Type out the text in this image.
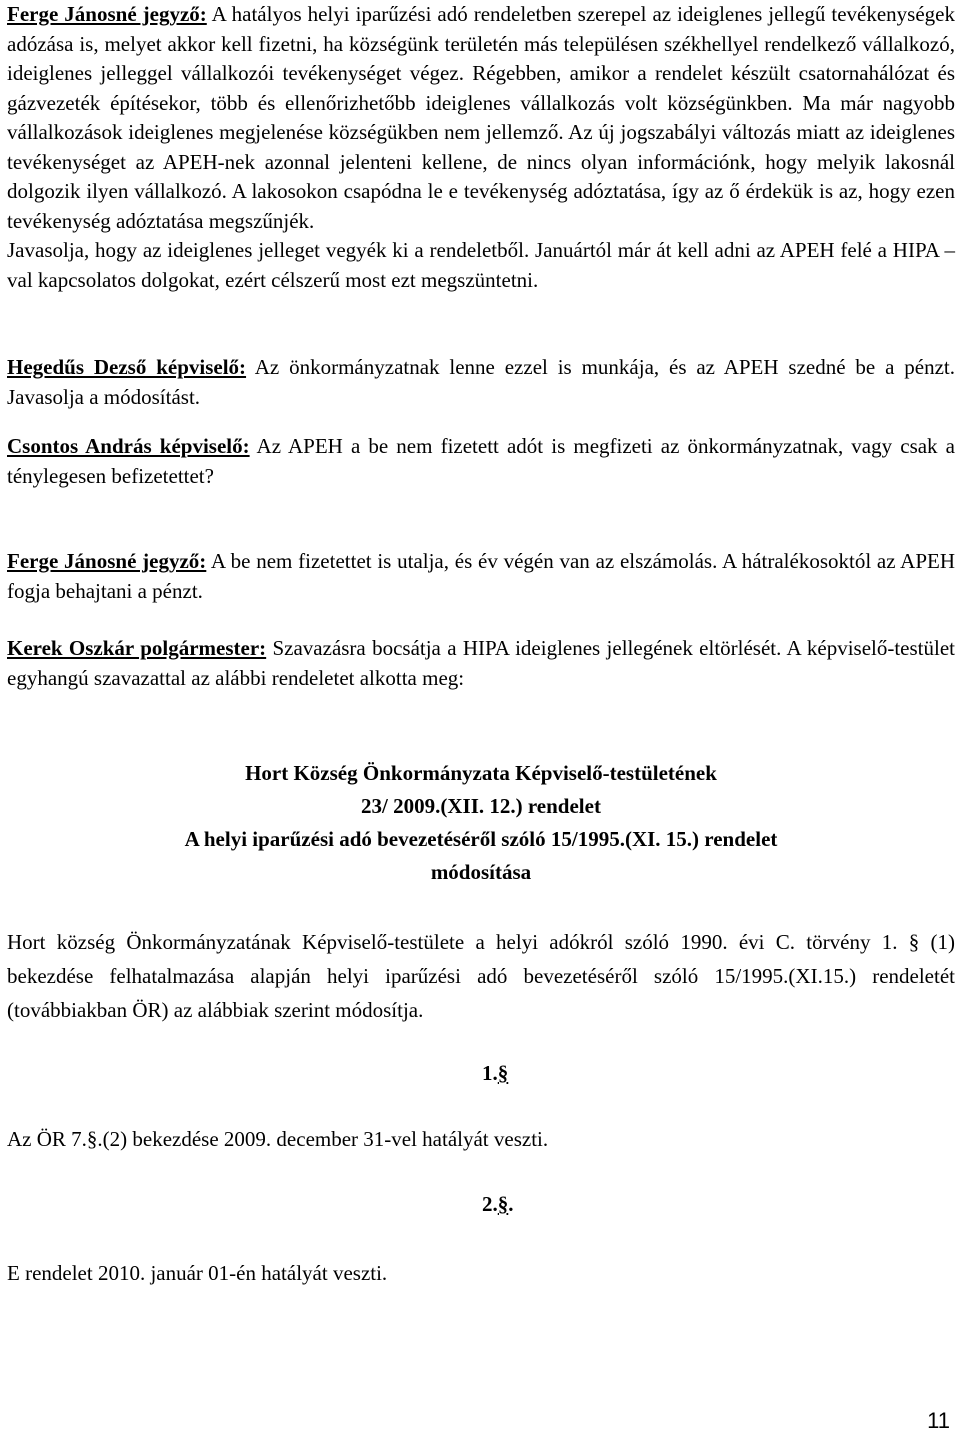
Ferge Jánosné jegyző: A hatályos helyi iparűzési adó rendeletben szerepel az ideiglenes jellegű tevékenységek adózása is, melyet akkor kell fizetni, ha községünk területén más településen székhellyel rendelkező vállalkozó, ideiglenes jelleggel vállalkozói tevékenységet végez. Régebben, amikor a rendelet készült csatornahálózat és gázvezeték építésekor, több és ellenőrizhetőbb ideiglenes vállalkozás volt községünkben. Ma már nagyobb vállalkozások ideiglenes megjelenése községükben nem jellemző. Az új jogszabályi változás miatt az ideiglenes tevékenységet az APEH-nek azonnal jelenteni kellene, de nincs olyan információnk, hogy melyik lakosnál dolgozik ilyen vállalkozó. A lakosokon csapódna le e tevékenység adóztatása, így az ő érdekük is az, hogy ezen tevékenység adóztatása megszűnjék.

Javasolja, hogy az ideiglenes jelleget vegyék ki a rendeletből. Januártól már át kell adni az APEH felé a HIPA – val kapcsolatos dolgokat, ezért célszerű most ezt megszüntetni.

Hegedűs Dezső képviselő: Az önkormányzatnak lenne ezzel is munkája, és az APEH szedné be a pénzt. Javasolja a módosítást.

Csontos András képviselő: Az APEH a be nem fizetett adót is megfizeti az önkormányzatnak, vagy csak a ténylegesen befizetettet?

Ferge Jánosné jegyző: A be nem fizetettet is utalja, és év végén van az elszámolás. A hátralékosoktól az APEH fogja behajtani a pénzt.

Kerek Oszkár polgármester: Szavazásra bocsátja a HIPA ideiglenes jellegének eltörlését. A képviselő-testület egyhangú szavazattal az alábbi rendeletet alkotta meg:

Hort Község Önkormányzata Képviselő-testületének
23/ 2009.(XII. 12.) rendelet
A helyi iparűzési adó bevezetéséről szóló 15/1995.(XI. 15.) rendelet
módosítása

Hort község Önkormányzatának Képviselő-testülete a helyi adókról szóló 1990. évi C. törvény 1. § (1) bekezdése felhatalmazása alapján helyi iparűzési adó bevezetéséről szóló 15/1995.(XI.15.) rendeletét (továbbiakban ÖR) az alábbiak szerint módosítja.

1.§

Az ÖR 7.§.(2) bekezdése 2009. december 31-vel hatályát veszti.

2.§.

E rendelet 2010. január 01-én hatályát veszti.

11
